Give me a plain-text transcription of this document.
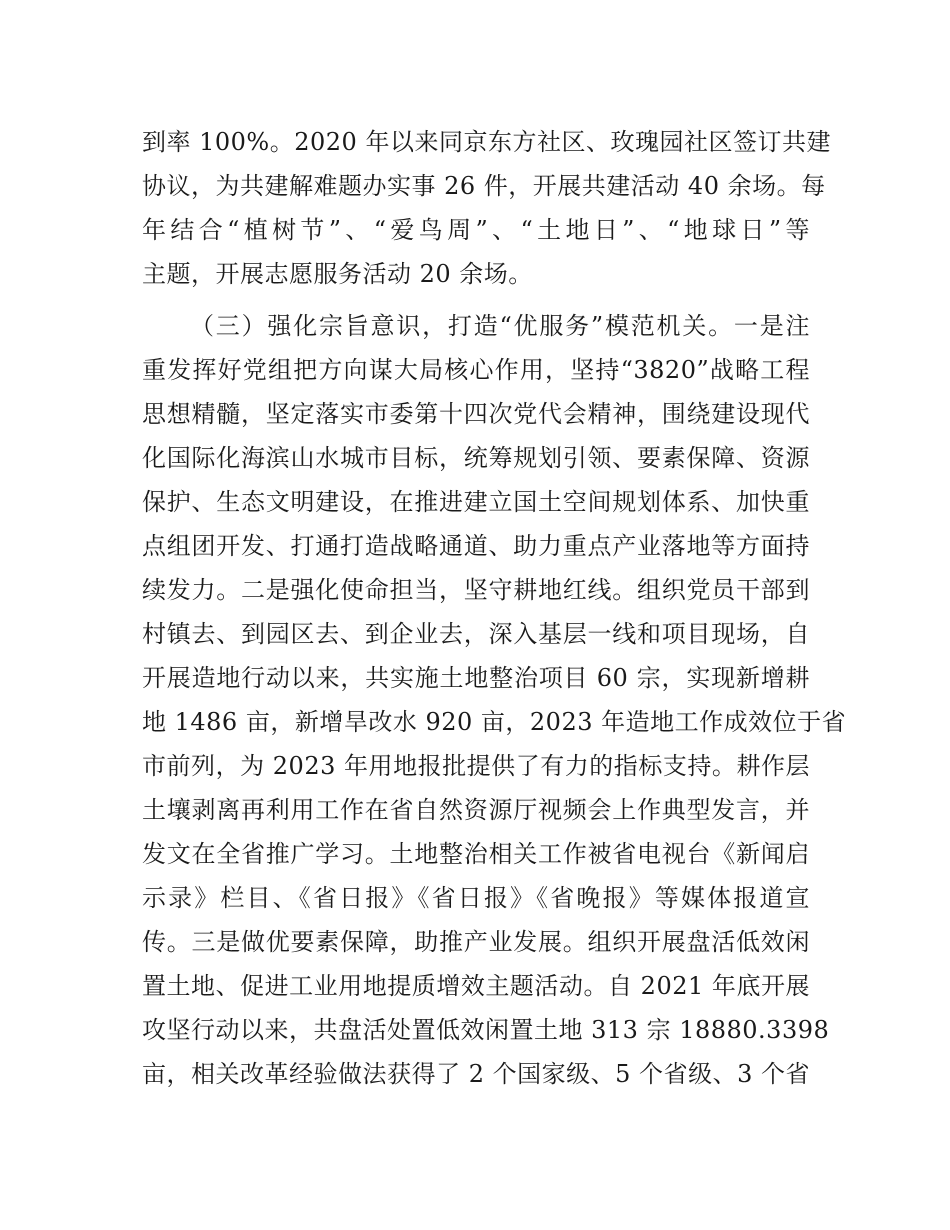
到率 100%。2020 年以来同京东方社区、玫瑰园社区签订共建
协议，为共建解难题办实事 26 件，开展共建活动 40 余场。每
年结合“植树节”、“爱鸟周”、“土地日”、“地球日”等
主题，开展志愿服务活动 20 余场。
（三）强化宗旨意识，打造“优服务”模范机关。一是注
重发挥好党组把方向谋大局核心作用，坚持“3820”战略工程
思想精髓，坚定落实市委第十四次党代会精神，围绕建设现代
化国际化海滨山水城市目标，统筹规划引领、要素保障、资源
保护、生态文明建设，在推进建立国土空间规划体系、加快重
点组团开发、打通打造战略通道、助力重点产业落地等方面持
续发力。二是强化使命担当，坚守耕地红线。组织党员干部到
村镇去、到园区去、到企业去，深入基层一线和项目现场，自
开展造地行动以来，共实施土地整治项目 60 宗，实现新增耕
地 1486 亩，新增旱改水 920 亩，2023 年造地工作成效位于省
市前列，为 2023 年用地报批提供了有力的指标支持。耕作层
土壤剥离再利用工作在省自然资源厅视频会上作典型发言，并
发文在全省推广学习。土地整治相关工作被省电视台《新闻启
示录》栏目、《省日报》《省日报》《省晚报》等媒体报道宣
传。三是做优要素保障，助推产业发展。组织开展盘活低效闲
置土地、促进工业用地提质增效主题活动。自 2021 年底开展
攻坚行动以来，共盘活处置低效闲置土地 313 宗 18880.3398
亩，相关改革经验做法获得了 2 个国家级、5 个省级、3 个省
